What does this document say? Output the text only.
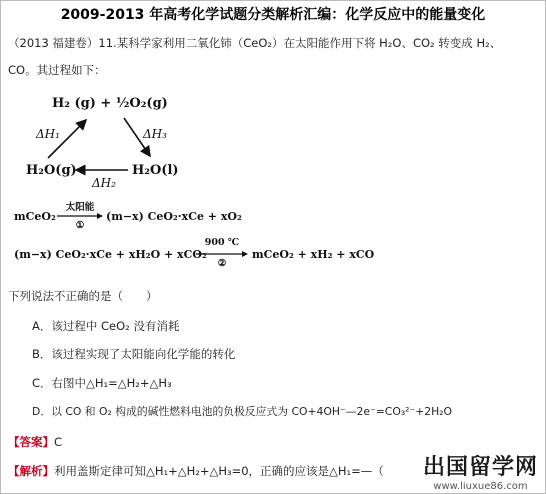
2009-2013 年高考化学试题分类解析汇编：化学反应中的能量变化
（2013 福建卷）11.某科学家利用二氧化铈（CeO₂）在太阳能作用下将 H₂O、CO₂ 转变成 H₂、
CO。其过程如下：
H₂ (g) + ½O₂(g)
H₂O(g)	H₂O(l)
ΔH₁	ΔH₃
ΔH₂
mCeO₂
太阳能
①
(m−x) CeO₂·xCe + xO₂
(m−x) CeO₂·xCe + xH₂O + xCO₂
900 ℃
②
mCeO₂ + xH₂ + xCO
下列说法不正确的是（　　）
A．该过程中 CeO₂ 没有消耗
B．该过程实现了太阳能向化学能的转化
C．右图中△H₁=△H₂+△H₃
D．以 CO 和 O₂ 构成的碱性燃料电池的负极反应式为 CO+4OH⁻—2e⁻=CO₃²⁻+2H₂O
【答案】C
【解析】利用盖斯定律可知△H₁+△H₂+△H₃=0，正确的应该是△H₁=—（ 出国留学网
www.liuxue86.com
